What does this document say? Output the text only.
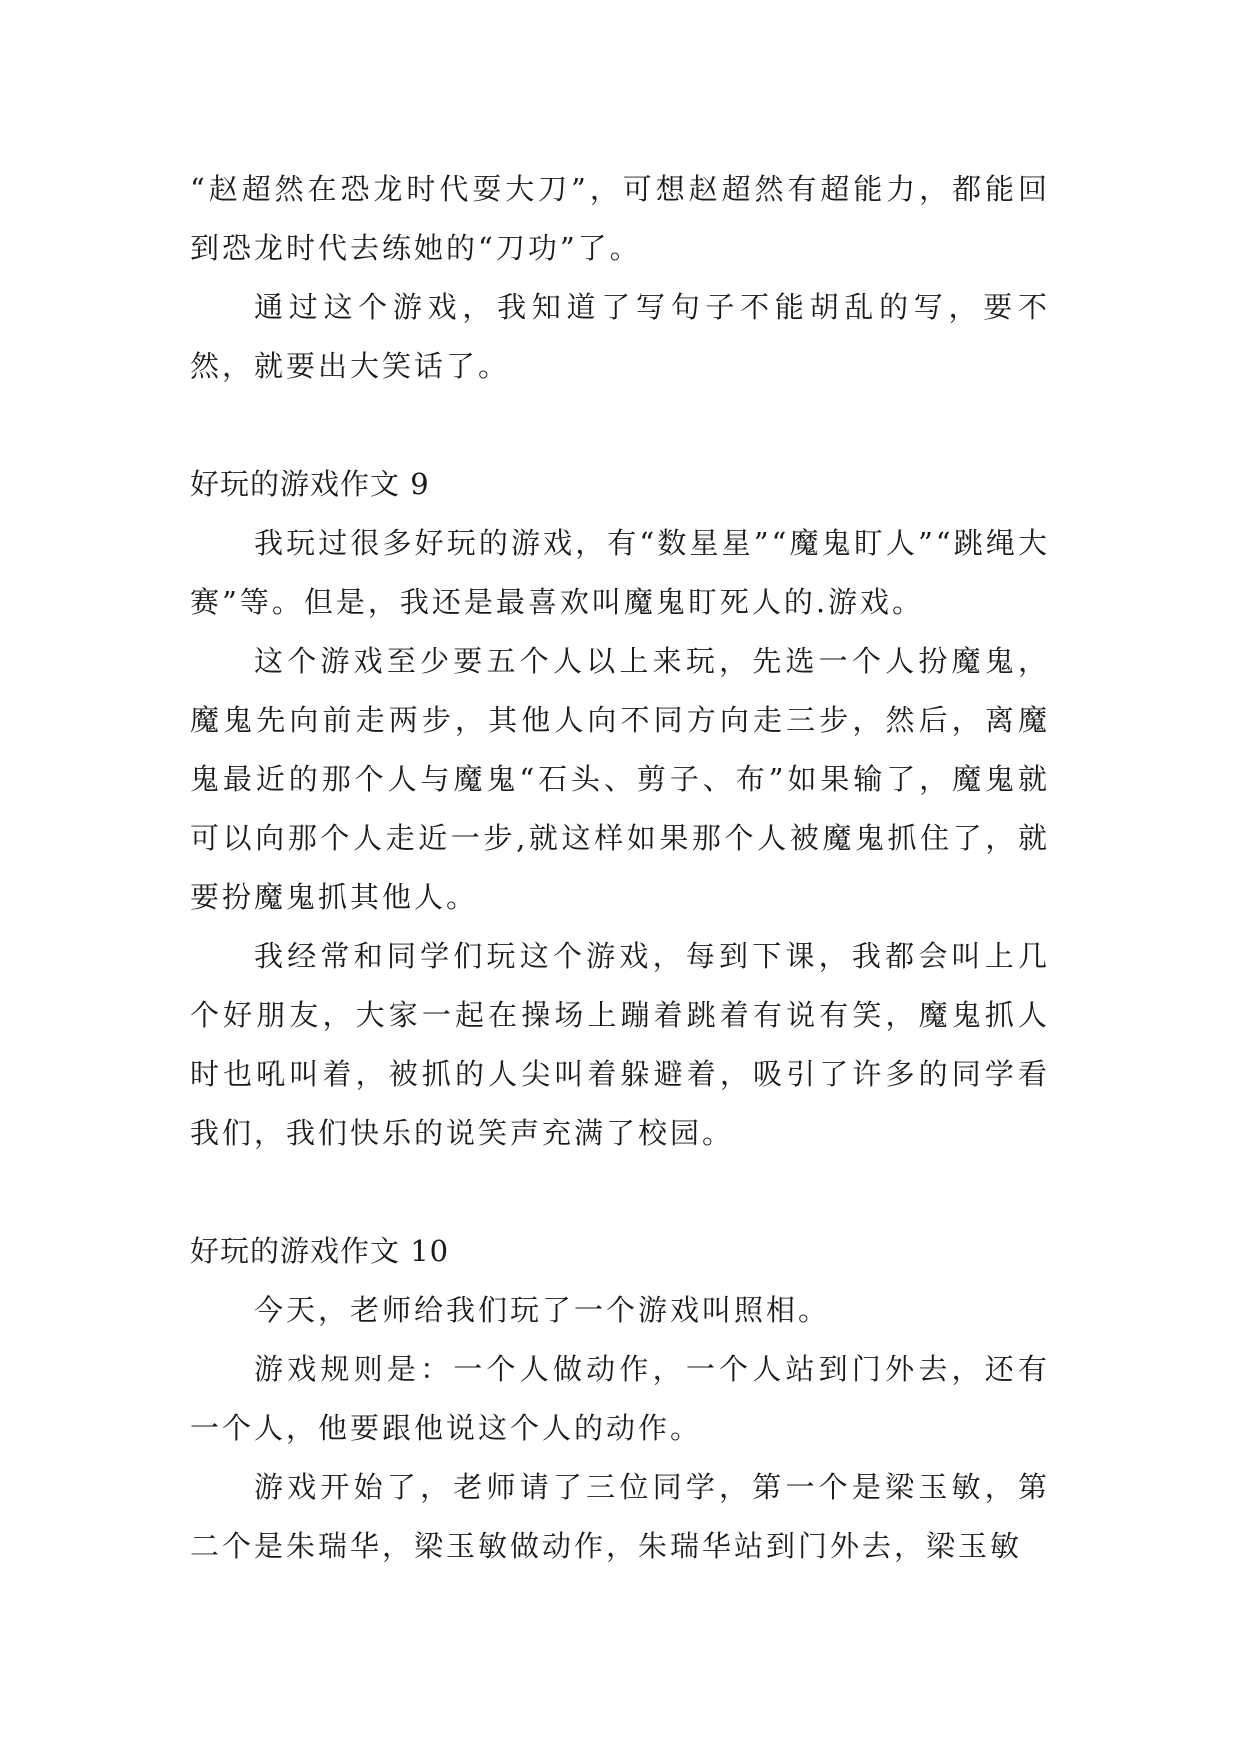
“赵超然在恐龙时代耍大刀”，可想赵超然有超能力，都能回到恐龙时代去练她的“刀功”了。

通过这个游戏，我知道了写句子不能胡乱的写，要不然，就要出大笑话了。

好玩的游戏作文 9

我玩过很多好玩的游戏，有“数星星”“魔鬼盯人”“跳绳大赛”等。但是，我还是最喜欢叫魔鬼盯死人的.游戏。

这个游戏至少要五个人以上来玩，先选一个人扮魔鬼，魔鬼先向前走两步，其他人向不同方向走三步，然后，离魔鬼最近的那个人与魔鬼“石头、剪子、布”如果输了，魔鬼就可以向那个人走近一步,就这样如果那个人被魔鬼抓住了，就要扮魔鬼抓其他人。

我经常和同学们玩这个游戏，每到下课，我都会叫上几个好朋友，大家一起在操场上蹦着跳着有说有笑，魔鬼抓人时也吼叫着，被抓的人尖叫着躲避着，吸引了许多的同学看我们，我们快乐的说笑声充满了校园。

好玩的游戏作文 10

今天，老师给我们玩了一个游戏叫照相。

游戏规则是：一个人做动作，一个人站到门外去，还有一个人，他要跟他说这个人的动作。

游戏开始了，老师请了三位同学，第一个是梁玉敏，第二个是朱瑞华，梁玉敏做动作，朱瑞华站到门外去，梁玉敏
